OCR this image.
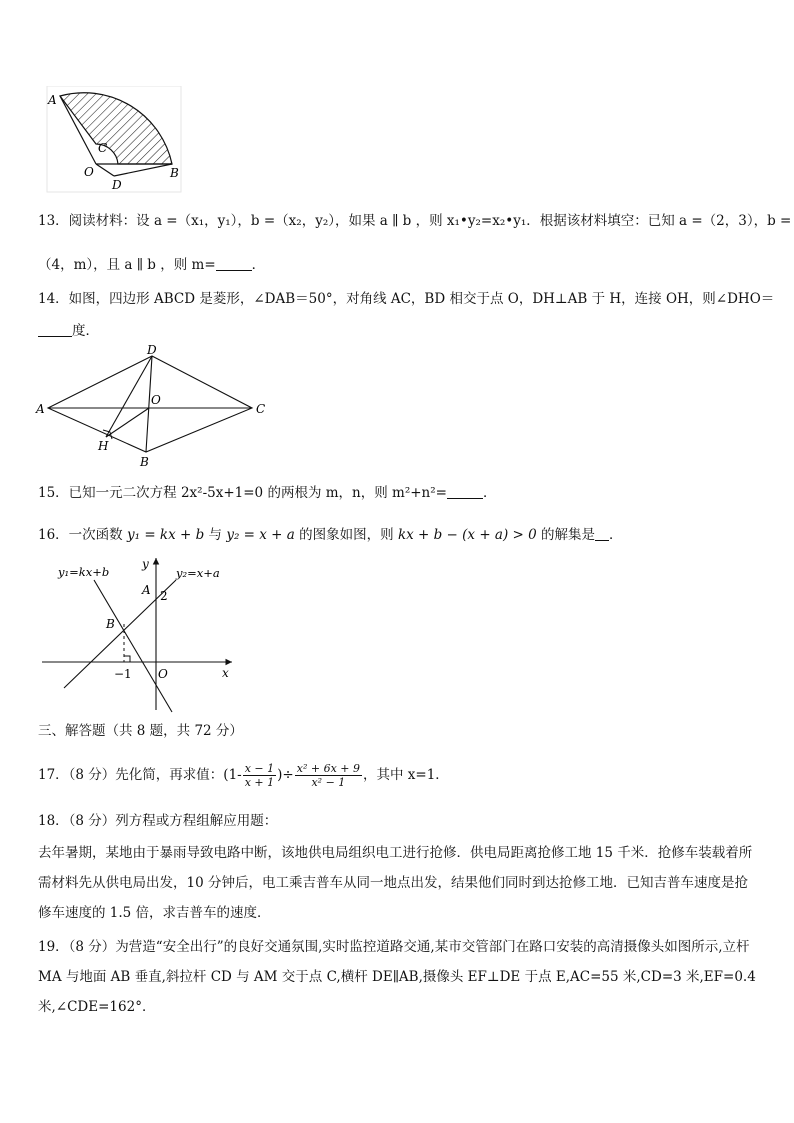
A
C
O
D
B
13．阅读材料：设 a =（x₁，y₁），b =（x₂，y₂），如果 a ∥ b ，则 x₁•y₂=x₂•y₁．根据该材料填空：已知 a =（2，3），b =
（4，m），且 a ∥ b ，则 m=	．
14．如图，四边形 ABCD 是菱形，∠DAB＝50°，对角线 AC，BD 相交于点 O，DH⊥AB 于 H，连接 OH，则∠DHO＝
度．
A
D
O
C
H
B
15．已知一元二次方程 2x²-5x+1=0 的两根为 m，n，则 m²+n²=	．
16．一次函数 y₁ = kx + b 与 y₂ = x + a 的图象如图，则 kx + b − (x + a) > 0 的解集是 ．
y₁=kx+b	y₂=x+a
y
A 2
B
O
−1	x
三、解答题（共 8 题，共 72 分）
17．（8 分）先化简，再求值：($1- \frac{x - 1}{x + 1}$ )÷ $\frac{\text{x² + 6x + 9}}{\text{x² − 1}}$ ，其中 x=1．
18．（8 分）列方程或方程组解应用题：
去年暑期，某地由于暴雨导致电路中断，该地供电局组织电工进行抢修．供电局距离抢修工地 15 千米．抢修车装载着所需材料先从供电局出发，10 分钟后，电工乘吉普车从同一地点出发，结果他们同时到达抢修工地．已知吉普车速度是抢修车速度的 1.5 倍，求吉普车的速度．
19．（8 分）为营造“安全出行”的良好交通氛围,实时监控道路交通,某市交管部门在路口安装的高清摄像头如图所示,立杆 MA 与地面 AB 垂直,斜拉杆 CD 与 AM 交于点 C,横杆 DE∥AB,摄像头 EF⊥DE 于点 E,AC=55 米,CD=3 米,EF=0.4 米,∠CDE=162°．
